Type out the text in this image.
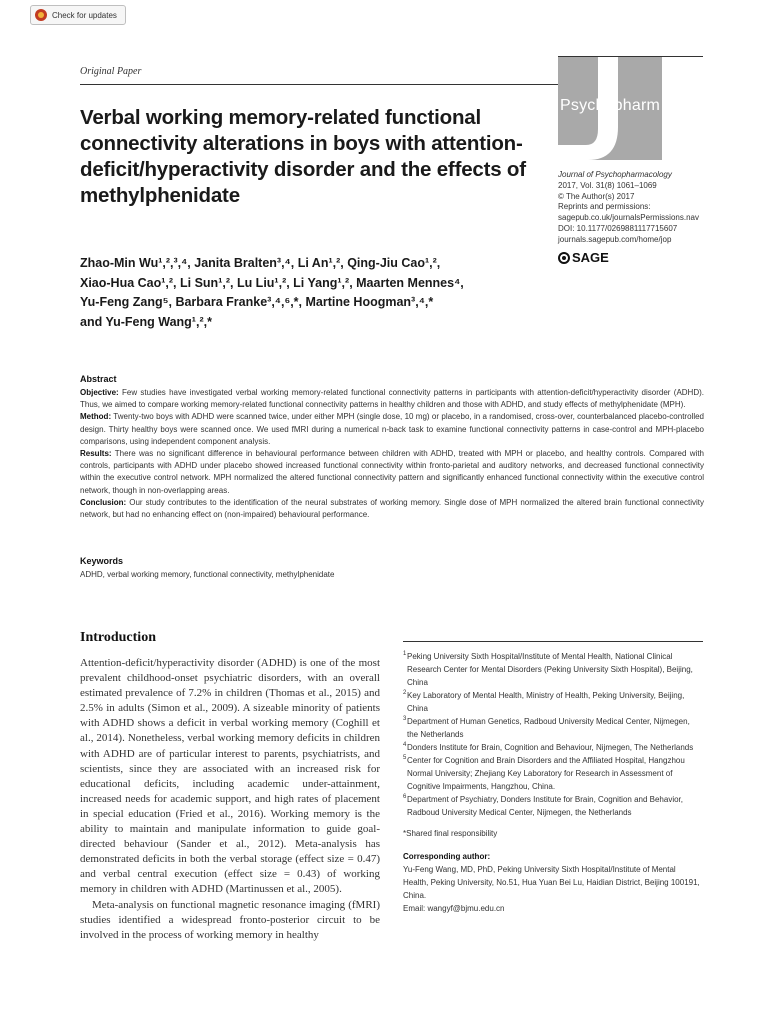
Check for updates
Original Paper
Verbal working memory-related functional connectivity alterations in boys with attention-deficit/hyperactivity disorder and the effects of methylphenidate
Psychopharm
Journal of Psychopharmacology
2017, Vol. 31(8) 1061–1069
© The Author(s) 2017
Reprints and permissions:
sagepub.co.uk/journalsPermissions.nav
DOI: 10.1177/0269881117715607
journals.sagepub.com/home/jop
SAGE
Zhao-Min Wu¹,²,³,⁴, Janita Bralten³,⁴, Li An¹,², Qing-Jiu Cao¹,²,
Xiao-Hua Cao¹,², Li Sun¹,², Lu Liu¹,², Li Yang¹,², Maarten Mennes⁴,
Yu-Feng Zang⁵, Barbara Franke³,⁴,⁶,*, Martine Hoogman³,⁴,*
and Yu-Feng Wang¹,²,*
Abstract

Objective: Few studies have investigated verbal working memory-related functional connectivity patterns in participants with attention-deficit/hyperactivity disorder (ADHD). Thus, we aimed to compare working memory-related functional connectivity patterns in healthy children and those with ADHD, and study effects of methylphenidate (MPH).

Method: Twenty-two boys with ADHD were scanned twice, under either MPH (single dose, 10 mg) or placebo, in a randomised, cross-over, counterbalanced placebo-controlled design. Thirty healthy boys were scanned once. We used fMRI during a numerical n-back task to examine functional connectivity patterns in case-control and MPH-placebo comparisons, using independent component analysis.

Results: There was no significant difference in behavioural performance between children with ADHD, treated with MPH or placebo, and healthy controls. Compared with controls, participants with ADHD under placebo showed increased functional connectivity within fronto-parietal and auditory networks, and decreased functional connectivity within the executive control network. MPH normalized the altered functional connectivity pattern and significantly enhanced functional connectivity within the executive control network, though in non-overlapping areas.

Conclusion: Our study contributes to the identification of the neural substrates of working memory. Single dose of MPH normalized the altered brain functional connectivity network, but had no enhancing effect on (non-impaired) behavioural performance.

Keywords
ADHD, verbal working memory, functional connectivity, methylphenidate
Introduction

Attention-deficit/hyperactivity disorder (ADHD) is one of the most prevalent childhood-onset psychiatric disorders, with an overall estimated prevalence of 7.2% in children (Thomas et al., 2015) and 2.5% in adults (Simon et al., 2009). A sizeable minority of patients with ADHD shows a deficit in verbal working memory (Coghill et al., 2014). Nonetheless, verbal working memory deficits in children with ADHD are of particular interest to parents, psychiatrists, and scientists, since they are associated with an increased risk for educational deficits, including academic under-attainment, increased needs for academic support, and high rates of placement in special education (Fried et al., 2016). Working memory is the ability to maintain and manipulate information to guide goal-directed behaviour (Sander et al., 2012). Meta-analysis has demonstrated deficits in both the verbal storage (effect size = 0.47) and verbal central execution (effect size = 0.43) of working memory in children with ADHD (Martinussen et al., 2005).

Meta-analysis on functional magnetic resonance imaging (fMRI) studies identified a widespread fronto-posterior circuit to be involved in the process of working memory in healthy

1 Peking University Sixth Hospital/Institute of Mental Health, National Clinical Research Center for Mental Disorders (Peking University Sixth Hospital), Beijing, China
2 Key Laboratory of Mental Health, Ministry of Health, Peking University, Beijing, China
3 Department of Human Genetics, Radboud University Medical Center, Nijmegen, the Netherlands
4 Donders Institute for Brain, Cognition and Behaviour, Nijmegen, The Netherlands
5 Center for Cognition and Brain Disorders and the Affiliated Hospital, Hangzhou Normal University; Zhejiang Key Laboratory for Research in Assessment of Cognitive Impairments, Hangzhou, China.
6 Department of Psychiatry, Donders Institute for Brain, Cognition and Behavior, Radboud University Medical Center, Nijmegen, the Netherlands
*Shared final responsibility
Corresponding author:
Yu-Feng Wang, MD, PhD, Peking University Sixth Hospital/Institute of Mental Health, Peking University, No.51, Hua Yuan Bei Lu, Haidian District, Beijing 100191, China.
Email: wangyf@bjmu.edu.cn
